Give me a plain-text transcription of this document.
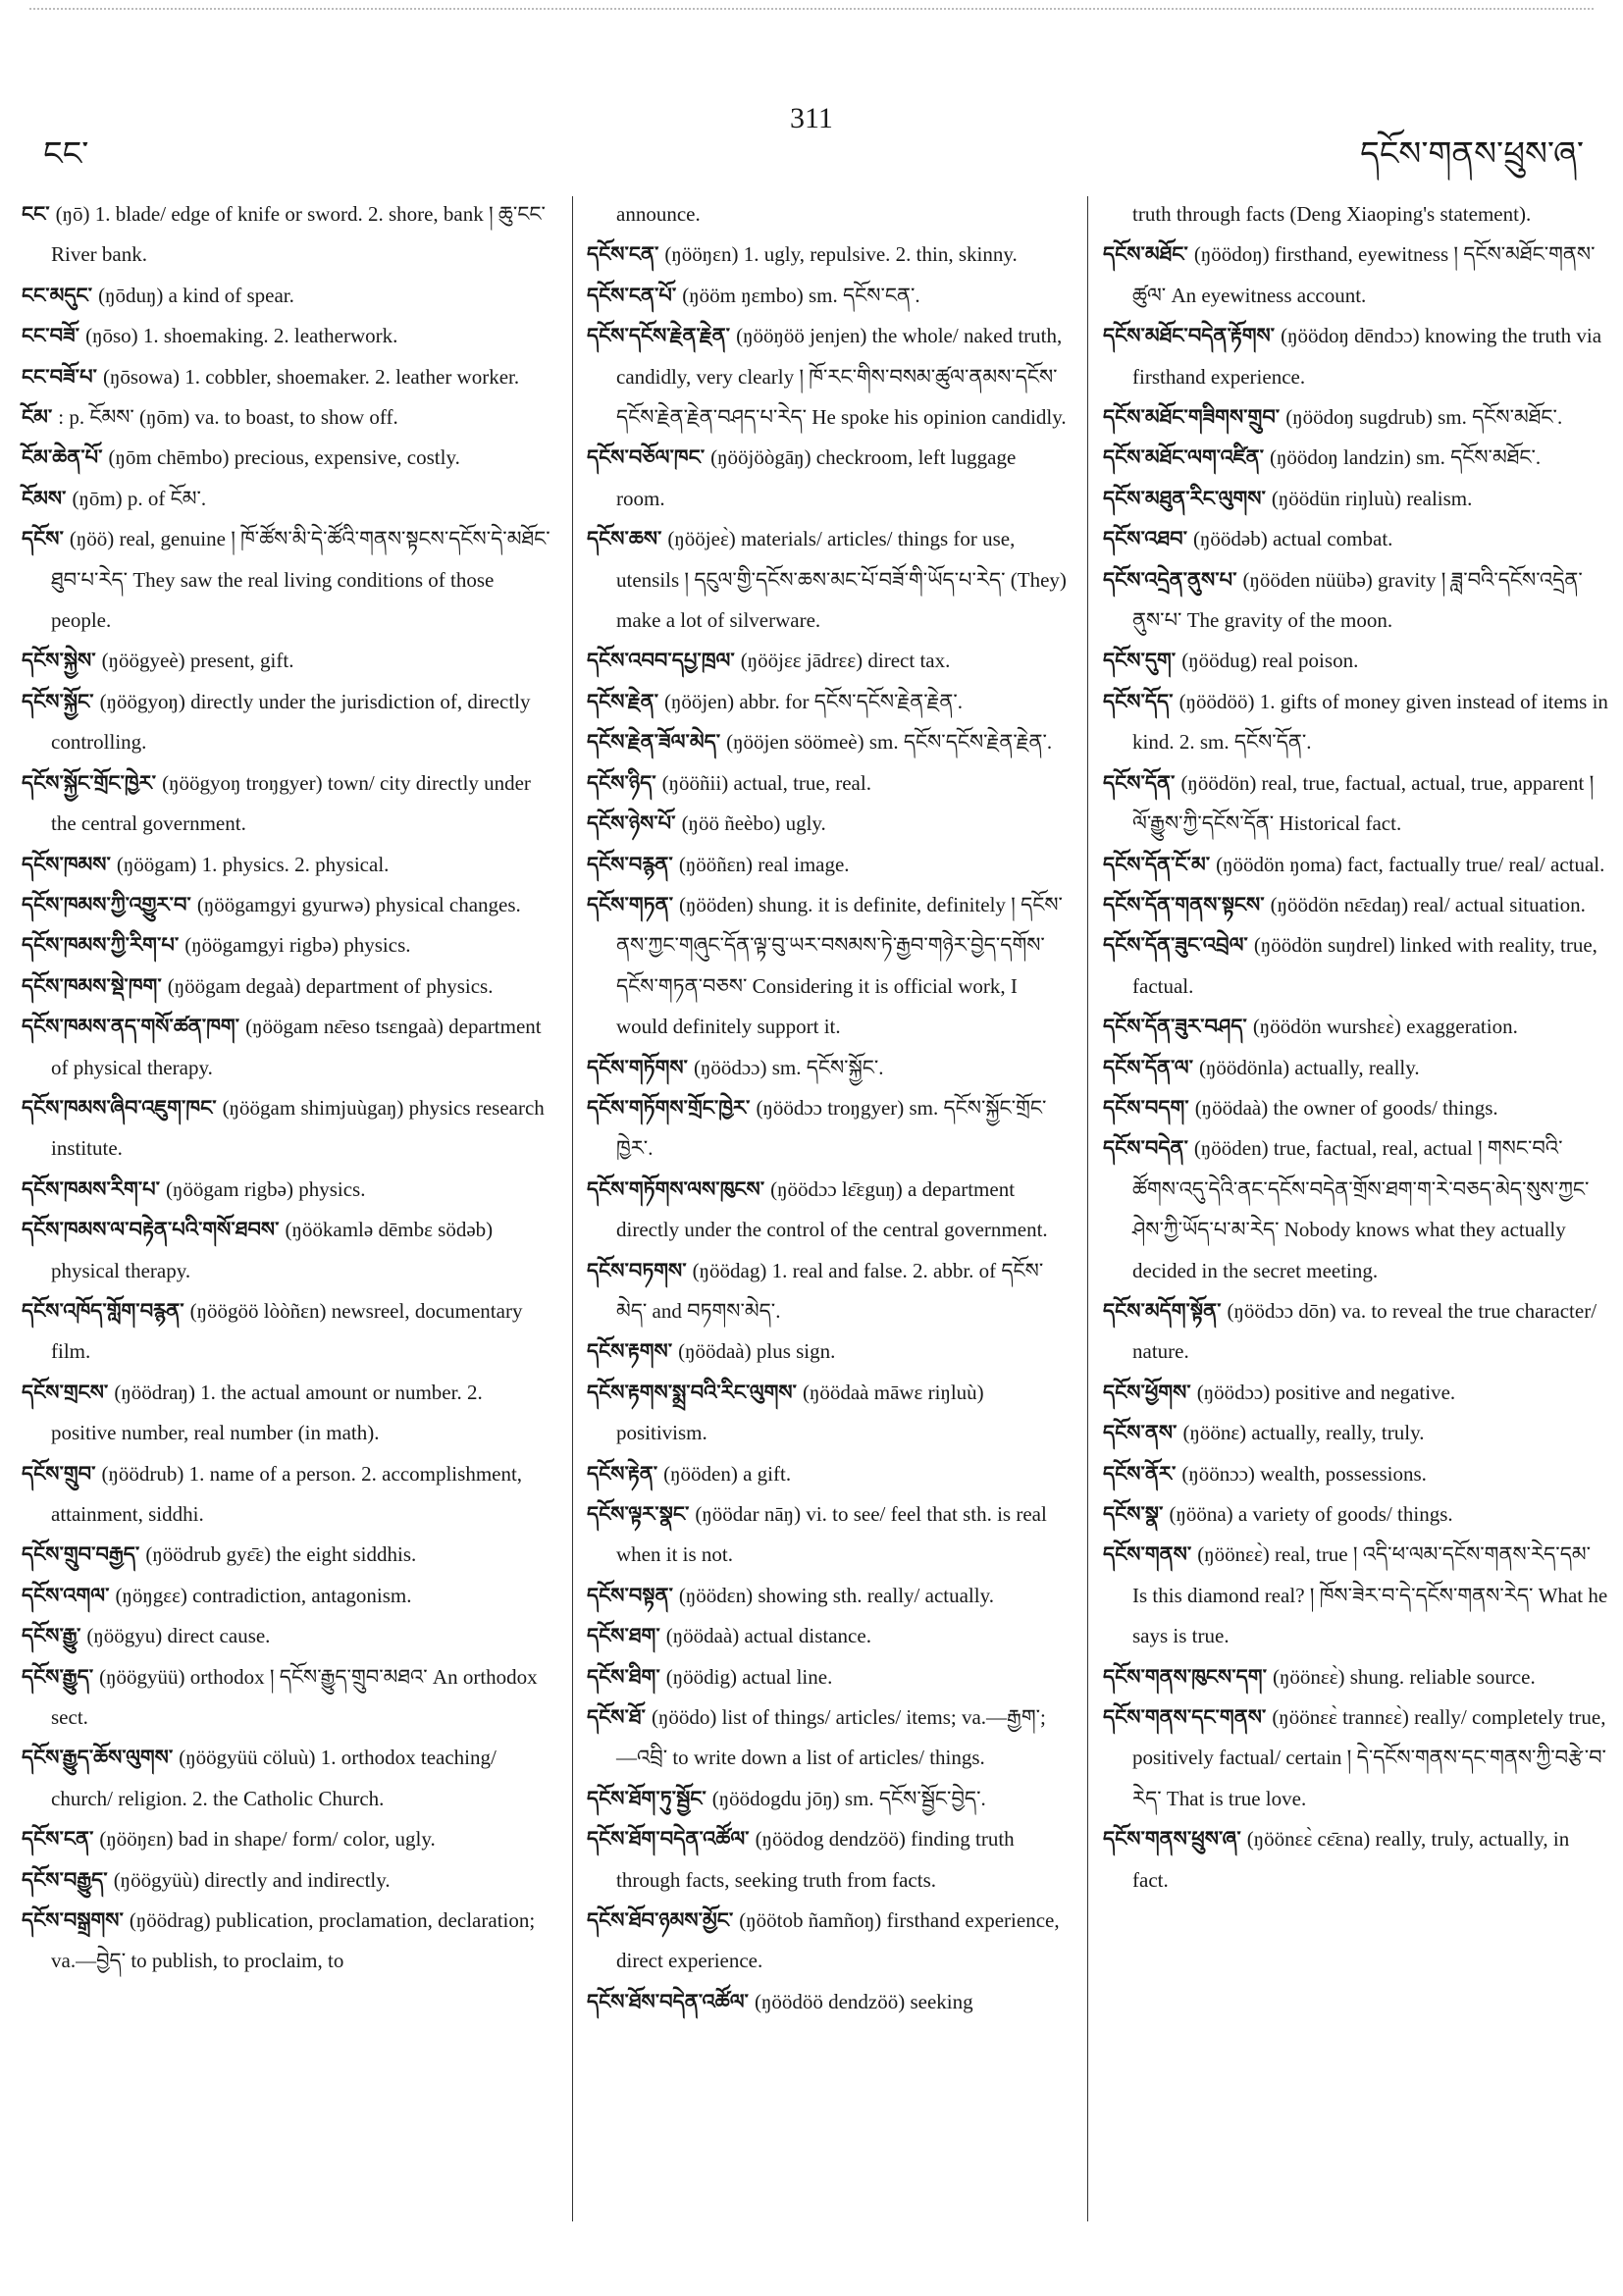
ངང་
311
དངོས་གནས་ཕྲུས་ཞ་

ངང་ (ŋō) 1. blade/ edge of knife or sword. 2. shore, bank ། ཆུ་ངང་ River bank.

ངང་མདུང་ (ŋōduŋ) a kind of spear.

ངང་བཟོ་ (ŋōso) 1. shoemaking. 2. leatherwork.

ངང་བཟོ་པ་ (ŋōsowa) 1. cobbler, shoemaker. 2. leather worker.

ངོམ་ : p. ངོམས་ (ŋōm) va. to boast, to show off.

ངོམ་ཆེན་པོ་ (ŋōm chēmbo) precious, expensive, costly.

ངོམས་ (ŋōm) p. of ངོམ་.

དངོས་ (ŋöö) real, genuine ། ཁོ་ཚོས་མི་དེ་ཚོའི་གནས་སྟངས་དངོས་དེ་མཐོང་ཐུབ་པ་རེད་ They saw the real living conditions of those people.

དངོས་སྐྱེས་ (ŋöögyeè) present, gift.

དངོས་སྐྱོང་ (ŋöögyoŋ) directly under the jurisdiction of, directly controlling.

དངོས་སྐྱོང་གྲོང་ཁྱེར་ (ŋöögyoŋ troŋgyer) town/ city directly under the central government.

དངོས་ཁམས་ (ŋöögam) 1. physics. 2. physical.

དངོས་ཁམས་ཀྱི་འགྱུར་བ་ (ŋöögamgyi gyurwə) physical changes.

དངོས་ཁམས་ཀྱི་རིག་པ་ (ŋöögamgyi rigbə) physics.

དངོས་ཁམས་སྡེ་ཁག་ (ŋöögam degaà) department of physics.

དངོས་ཁམས་ནད་གསོ་ཚན་ཁག་ (ŋöögam nɛ̄eso tsɛngaà) department of physical therapy.

དངོས་ཁམས་ཞིབ་འཇུག་ཁང་ (ŋöögam shimjuùgaŋ) physics research institute.

དངོས་ཁམས་རིག་པ་ (ŋöögam rigbə) physics.

དངོས་ཁམས་ལ་བརྟེན་པའི་གསོ་ཐབས་ (ŋöökamlə dēmbɛ södəb) physical therapy.

དངོས་འཁོད་གློག་བརྙན་ (ŋöögöö lòòñɛn) newsreel, documentary film.

དངོས་གྲངས་ (ŋöödraŋ) 1. the actual amount or number. 2. positive number, real number (in math).

དངོས་གྲུབ་ (ŋöödrub) 1. name of a person. 2. accomplishment, attainment, siddhi.

དངོས་གྲུབ་བརྒྱད་ (ŋöödrub gyɛ̄ɛ) the eight siddhis.

དངོས་འགལ་ (ŋöŋgɛɛ) contradiction, antagonism.

དངོས་རྒྱུ་ (ŋöögyu) direct cause.

དངོས་རྒྱུད་ (ŋöögyüü) orthodox ། དངོས་རྒྱུད་གྲུབ་མཐའ་ An orthodox sect.

དངོས་རྒྱུད་ཆོས་ལུགས་ (ŋöögyüü cöluù) 1. orthodox teaching/ church/ religion. 2. the Catholic Church.

དངོས་ངན་ (ŋööŋɛn) bad in shape/ form/ color, ugly.

དངོས་བརྒྱུད་ (ŋöögyüù) directly and indirectly.

དངོས་བསྒྲགས་ (ŋöödrag) publication, proclamation, declaration; va.—བྱེད་ to publish, to proclaim, to

announce.

དངོས་ངན་ (ŋööŋɛn) 1. ugly, repulsive. 2. thin, skinny.

དངོས་ངན་པོ་ (ŋööm ŋɛmbo) sm. དངོས་ངན་.

དངོས་དངོས་རྗེན་རྗེན་ (ŋööŋöö jenjen) the whole/ naked truth, candidly, very clearly ། ཁོ་རང་གིས་བསམ་ཚུལ་ནམས་དངོས་དངོས་རྗེན་རྗེན་བཤད་པ་རེད་ He spoke his opinion candidly.

དངོས་བཅོལ་ཁང་ (ŋööjöògāŋ) checkroom, left luggage room.

དངོས་ཆས་ (ŋööjeɛ̀) materials/ articles/ things for use, utensils ། དངུལ་གྱི་དངོས་ཆས་མང་པོ་བཟོ་གི་ཡོད་པ་རེད་ (They) make a lot of silverware.

དངོས་འབབ་དཔྱ་ཁྲལ་ (ŋööjɛɛ jādrɛɛ) direct tax.

དངོས་རྗེན་ (ŋööjen) abbr. for དངོས་དངོས་རྗེན་རྗེན་.

དངོས་རྗེན་ཟོལ་མེད་ (ŋööjen söömeè) sm. དངོས་དངོས་རྗེན་རྗེན་.

དངོས་ཉིད་ (ŋööñii) actual, true, real.

དངོས་ཉེས་པོ་ (ŋöö ñeèbo) ugly.

དངོས་བརྙན་ (ŋööñɛn) real image.

དངོས་གཏན་ (ŋööden) shung. it is definite, definitely ། དངོས་ནས་ཀྱང་གཞུང་དོན་ལྟ་བུ་ཡར་བསམས་ཏེ་རྒྱབ་གཉེར་བྱེད་དགོས་དངོས་གཏན་བཅས་ Considering it is official work, I would definitely support it.

དངོས་གཏོགས་ (ŋöödɔɔ) sm. དངོས་སྐྱོང་.

དངོས་གཏོགས་གྲོང་ཁྱེར་ (ŋöödɔɔ troŋgyer) sm. དངོས་སྐྱོང་གྲོང་ཁྱེར་.

དངོས་གཏོགས་ལས་ཁུངས་ (ŋöödɔɔ lɛ̄ɛguŋ) a department directly under the control of the central government.

དངོས་བཏགས་ (ŋöödag) 1. real and false. 2. abbr. of དངོས་མེད་ and བཏགས་མེད་.

དངོས་རྟགས་ (ŋöödaà) plus sign.

དངོས་རྟགས་སྨྲ་བའི་རིང་ལུགས་ (ŋöödaà māwɛ riŋluù) positivism.

དངོས་རྟེན་ (ŋööden) a gift.

དངོས་ལྟར་སྣང་ (ŋöödar nāŋ) vi. to see/ feel that sth. is real when it is not.

དངོས་བསྟན་ (ŋöödɛn) showing sth. really/ actually.

དངོས་ཐག་ (ŋöödaà) actual distance.

དངོས་ཐིག་ (ŋöödig) actual line.

དངོས་ཐོ་ (ŋöödo) list of things/ articles/ items; va.—རྒྱག་; —འབྲི་ to write down a list of articles/ things.

དངོས་ཐོག་ཏུ་སྦྱོང་ (ŋöödogdu jōŋ) sm. དངོས་སྦྱོང་བྱེད་.

དངོས་ཐོག་བདེན་འཚོལ་ (ŋöödog dendzöö) finding truth through facts, seeking truth from facts.

དངོས་ཐོབ་ཉམས་མྱོང་ (ŋöötob ñamñoŋ) firsthand experience, direct experience.

དངོས་ཐོས་བདེན་འཚོལ་ (ŋöödöö dendzöö) seeking

truth through facts (Deng Xiaoping's statement).

དངོས་མཐོང་ (ŋöödoŋ) firsthand, eyewitness ། དངོས་མཐོང་གནས་ཚུལ་ An eyewitness account.

དངོས་མཐོང་བདེན་རྟོགས་ (ŋöödoŋ dēndɔɔ) knowing the truth via firsthand experience.

དངོས་མཐོང་གཟིགས་གྲུབ་ (ŋöödoŋ sugdrub) sm. དངོས་མཐོང་.

དངོས་མཐོང་ལག་འཛིན་ (ŋöödoŋ landzin) sm. དངོས་མཐོང་.

དངོས་མཐུན་རིང་ལུགས་ (ŋöödün riŋluù) realism.

དངོས་འཐབ་ (ŋöödəb) actual combat.

དངོས་འདྲེན་ནུས་པ་ (ŋööden nüübə) gravity ། ཟླ་བའི་དངོས་འདྲེན་ནུས་པ་ The gravity of the moon.

དངོས་དུག་ (ŋöödug) real poison.

དངོས་དོད་ (ŋöödöö) 1. gifts of money given instead of items in kind. 2. sm. དངོས་དོན་.

དངོས་དོན་ (ŋöödön) real, true, factual, actual, true, apparent ། ལོ་རྒྱུས་ཀྱི་དངོས་དོན་ Historical fact.

དངོས་དོན་ངོ་མ་ (ŋöödön ŋoma) fact, factually true/ real/ actual.

དངོས་དོན་གནས་སྟངས་ (ŋöödön nɛ̄ɛdaŋ) real/ actual situation.

དངོས་དོན་ཟུང་འབྲེལ་ (ŋöödön suŋdrel) linked with reality, true, factual.

དངོས་དོན་ཟུར་བཤད་ (ŋöödön wurshɛɛ̀) exaggeration.

དངོས་དོན་ལ་ (ŋöödönla) actually, really.

དངོས་བདག་ (ŋöödaà) the owner of goods/ things.

དངོས་བདེན་ (ŋööden) true, factual, real, actual ། གསང་བའི་ཚོགས་འདུ་དེའི་ནང་དངོས་བདེན་གྲོས་ཐག་ག་རེ་བཅད་མེད་སུས་ཀྱང་ཤེས་ཀྱི་ཡོད་པ་མ་རེད་ Nobody knows what they actually decided in the secret meeting.

དངོས་མདོག་སྟོན་ (ŋöödɔɔ dōn) va. to reveal the true character/ nature.

དངོས་ཕྱོགས་ (ŋöödɔɔ) positive and negative.

དངོས་ནས་ (ŋöönɛ) actually, really, truly.

དངོས་ནོར་ (ŋöönɔɔ) wealth, possessions.

དངོས་སྣ་ (ŋööna) a variety of goods/ things.

དངོས་གནས་ (ŋöönɛɛ̀) real, true ། འདི་ཕ་ལམ་དངོས་གནས་རེད་དམ་ Is this diamond real? ། ཁོས་ཟེར་བ་དེ་དངོས་གནས་རེད་ What he says is true.

དངོས་གནས་ཁུངས་དག་ (ŋöönɛɛ̀) shung. reliable source.

དངོས་གནས་དང་གནས་ (ŋöönɛɛ̀ trannɛɛ̀) really/ completely true, positively factual/ certain ། དེ་དངོས་གནས་དང་གནས་ཀྱི་བརྩེ་བ་རེད་ That is true love.

དངོས་གནས་ཕྲུས་ཞ་ (ŋöönɛɛ̀ cɛ̄ɛna) really, truly, actually, in fact.
